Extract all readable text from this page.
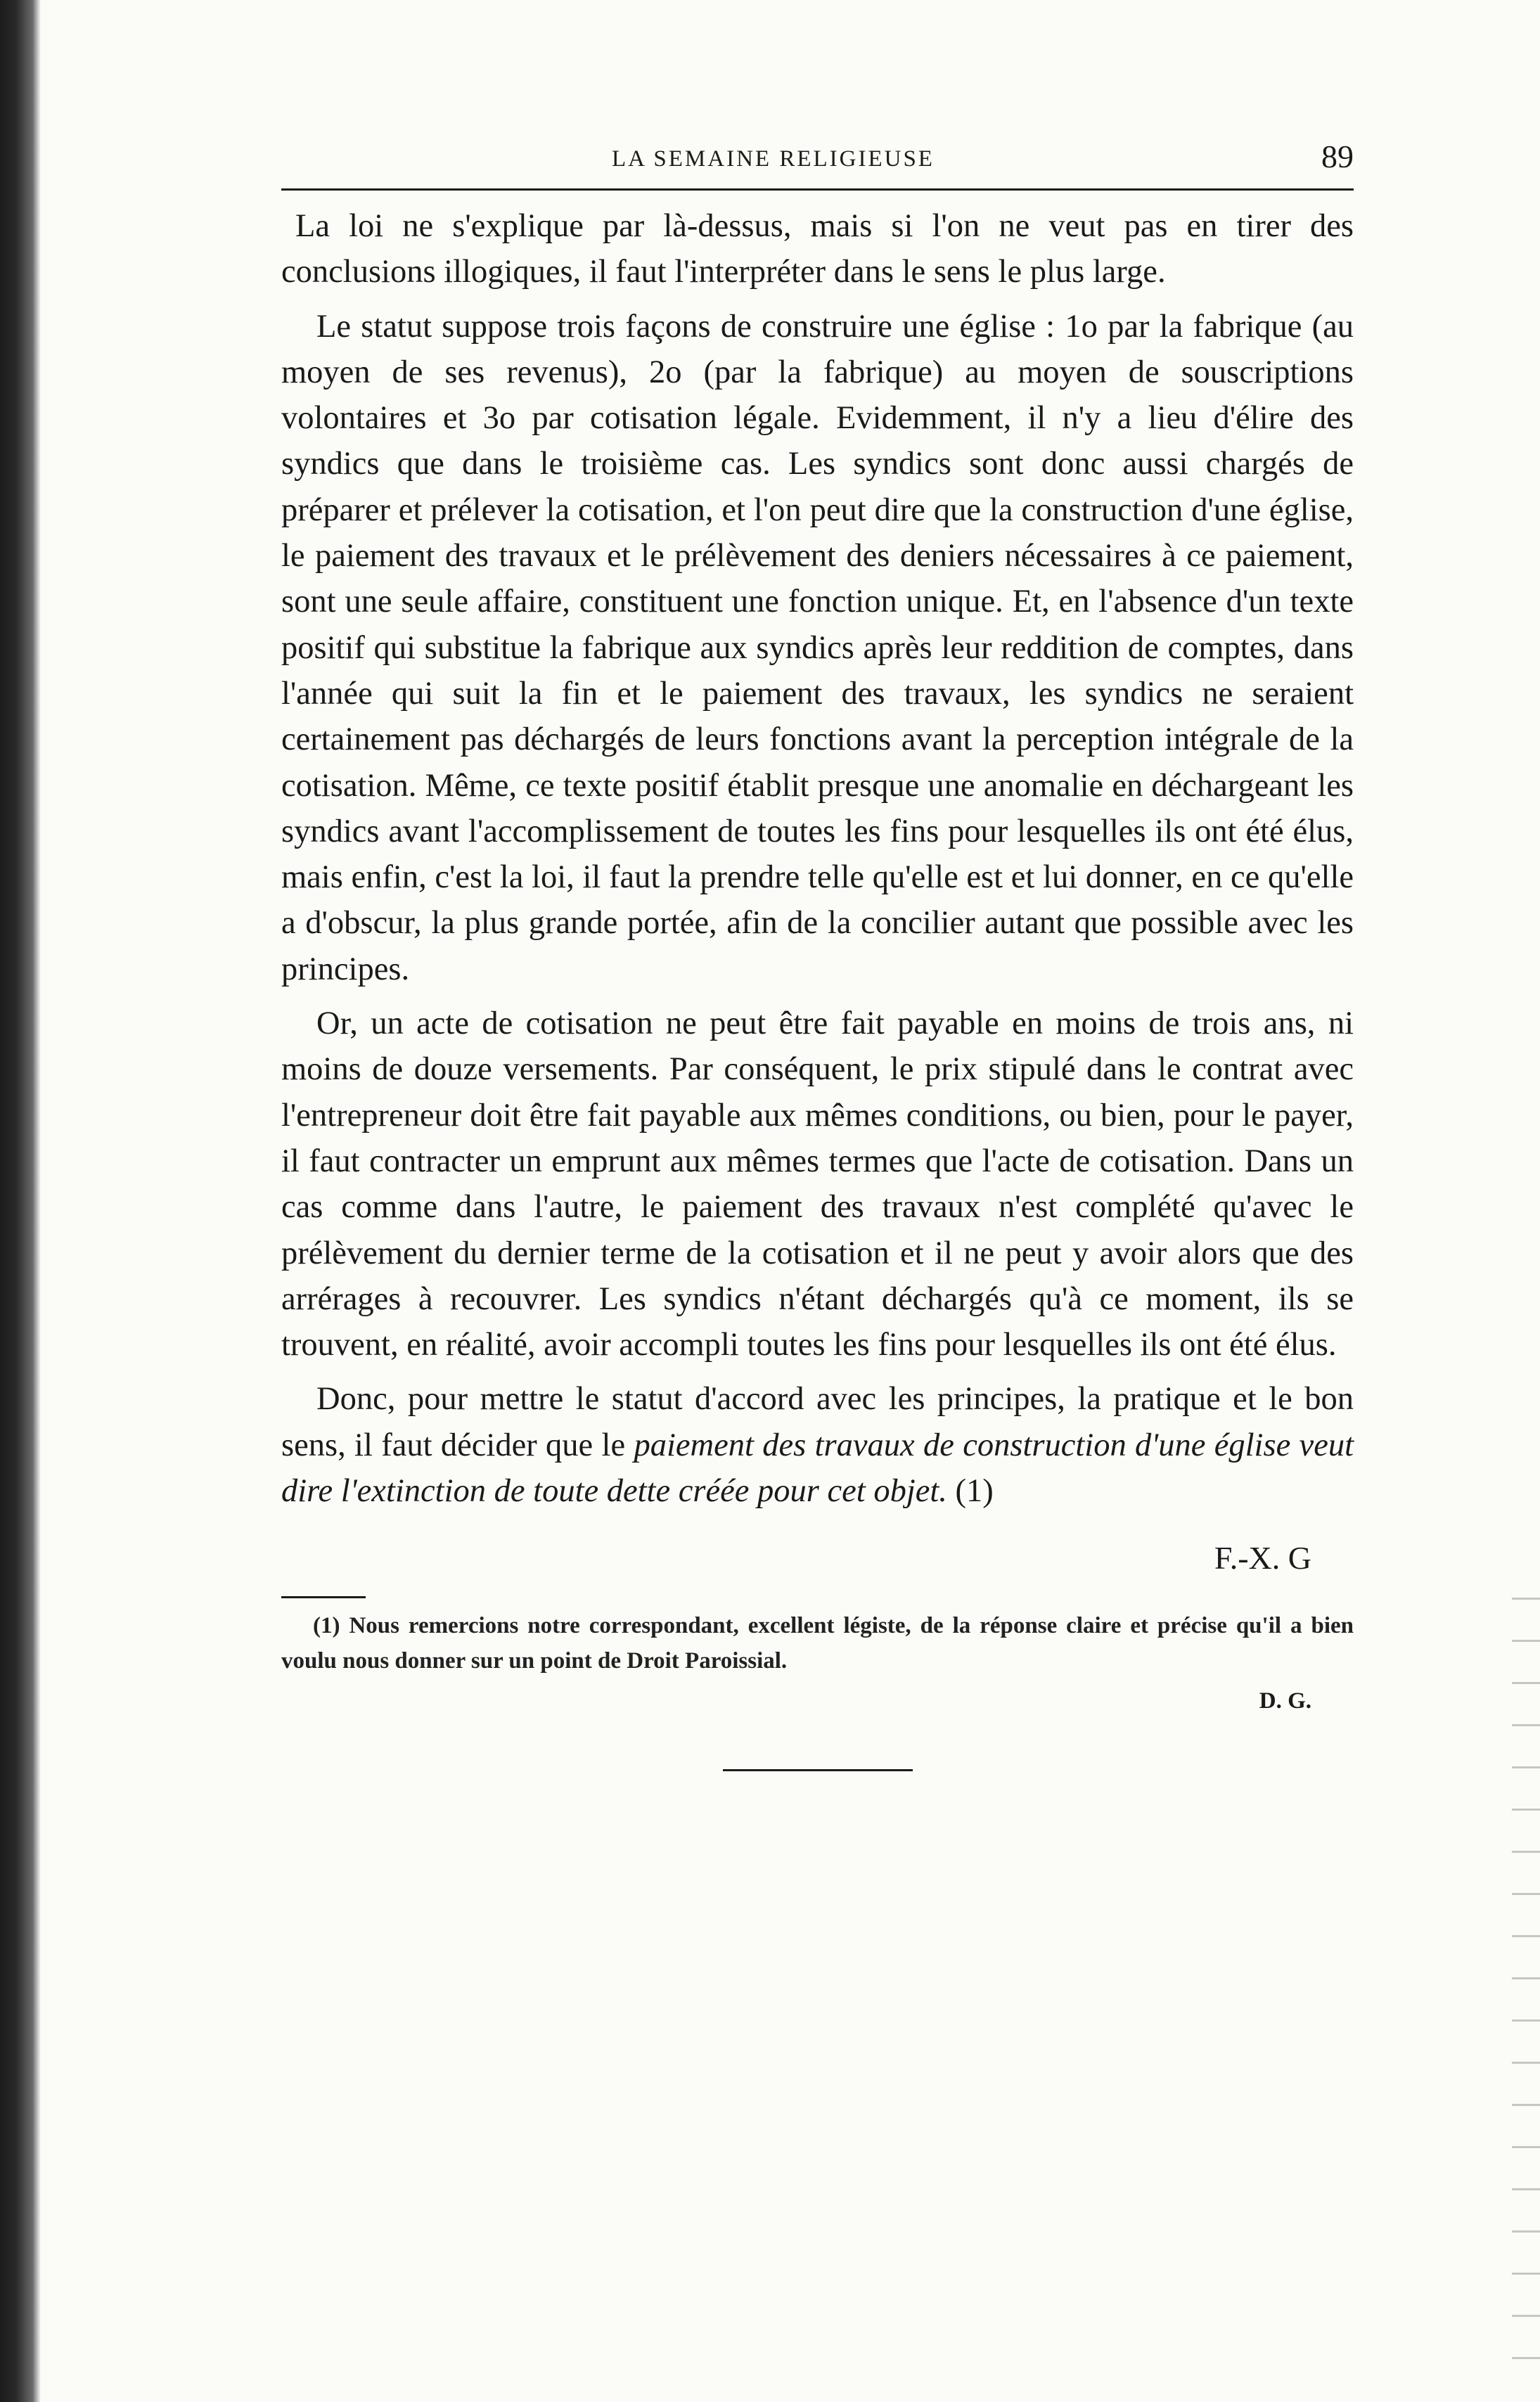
LA SEMAINE RELIGIEUSE	89

La loi ne s'explique par là-dessus, mais si l'on ne veut pas en tirer des conclusions illogiques, il faut l'interpréter dans le sens le plus large.

Le statut suppose trois façons de construire une église : 1o par la fabrique (au moyen de ses revenus), 2o (par la fabrique) au moyen de souscriptions volontaires et 3o par cotisation légale. Evidemment, il n'y a lieu d'élire des syndics que dans le troisième cas. Les syndics sont donc aussi chargés de préparer et prélever la cotisation, et l'on peut dire que la construction d'une église, le paiement des travaux et le prélèvement des deniers nécessaires à ce paiement, sont une seule affaire, constituent une fonction unique. Et, en l'absence d'un texte positif qui substitue la fabrique aux syndics après leur reddition de comptes, dans l'année qui suit la fin et le paiement des travaux, les syndics ne seraient certainement pas déchargés de leurs fonctions avant la perception intégrale de la cotisation. Même, ce texte positif établit presque une anomalie en déchargeant les syndics avant l'accomplissement de toutes les fins pour lesquelles ils ont été élus, mais enfin, c'est la loi, il faut la prendre telle qu'elle est et lui donner, en ce qu'elle a d'obscur, la plus grande portée, afin de la concilier autant que possible avec les principes.

Or, un acte de cotisation ne peut être fait payable en moins de trois ans, ni moins de douze versements. Par conséquent, le prix stipulé dans le contrat avec l'entrepreneur doit être fait payable aux mêmes conditions, ou bien, pour le payer, il faut contracter un emprunt aux mêmes termes que l'acte de cotisation. Dans un cas comme dans l'autre, le paiement des travaux n'est complété qu'avec le prélèvement du dernier terme de la cotisation et il ne peut y avoir alors que des arrérages à recouvrer. Les syndics n'étant déchargés qu'à ce moment, ils se trouvent, en réalité, avoir accompli toutes les fins pour lesquelles ils ont été élus.

Donc, pour mettre le statut d'accord avec les principes, la pratique et le bon sens, il faut décider que le paiement des travaux de construction d'une église veut dire l'extinction de toute dette créée pour cet objet. (1)

F.-X. G

(1) Nous remercions notre correspondant, excellent légiste, de la réponse claire et précise qu'il a bien voulu nous donner sur un point de Droit Paroissial.

D. G.
